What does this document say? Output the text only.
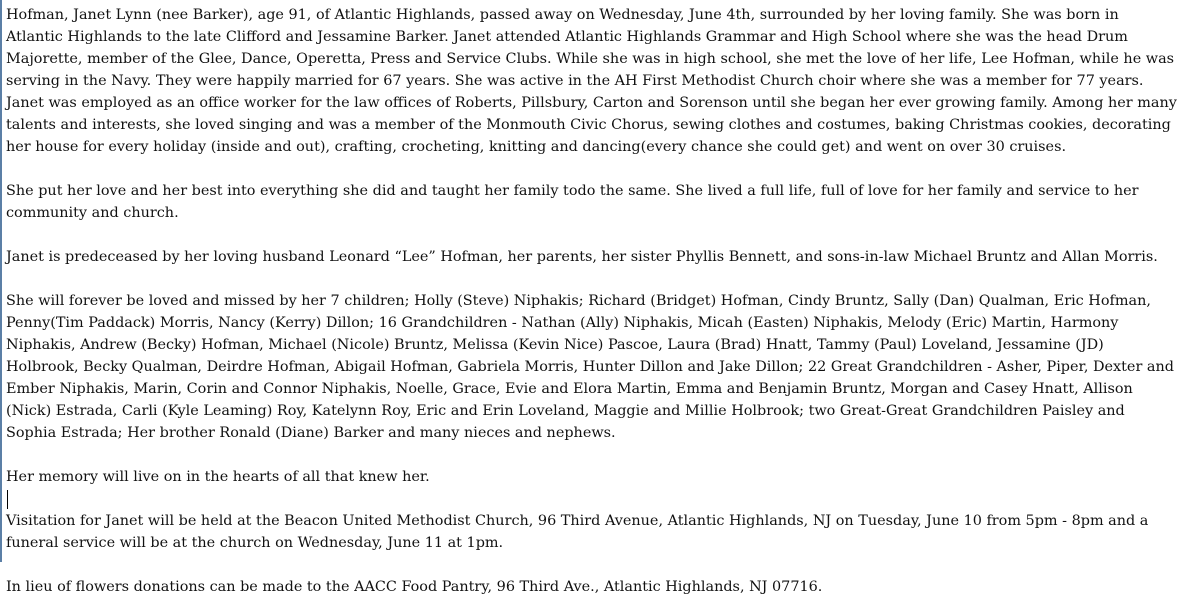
Hofman, Janet Lynn (nee Barker), age 91, of Atlantic Highlands, passed away on Wednesday, June 4th, surrounded by her loving family. She was born in Atlantic Highlands to the late Clifford and Jessamine Barker. Janet attended Atlantic Highlands Grammar and High School where she was the head Drum Majorette, member of the Glee, Dance, Operetta, Press and Service Clubs. While she was in high school, she met the love of her life, Lee Hofman, while he was serving in the Navy. They were happily married for 67 years. She was active in the AH First Methodist Church choir where she was a member for 77 years. Janet was employed as an office worker for the law offices of Roberts, Pillsbury, Carton and Sorenson until she began her ever growing family. Among her many talents and interests, she loved singing and was a member of the Monmouth Civic Chorus, sewing clothes and costumes, baking Christmas cookies, decorating her house for every holiday (inside and out), crafting, crocheting, knitting and dancing(every chance she could get) and went on over 30 cruises.

She put her love and her best into everything she did and taught her family todo the same. She lived a full life, full of love for her family and service to her community and church.

Janet is predeceased by her loving husband Leonard “Lee” Hofman, her parents, her sister Phyllis Bennett, and sons-in-law Michael Bruntz and Allan Morris.

She will forever be loved and missed by her 7 children; Holly (Steve) Niphakis; Richard (Bridget) Hofman, Cindy Bruntz, Sally (Dan) Qualman, Eric Hofman, Penny(Tim Paddack) Morris, Nancy (Kerry) Dillon; 16 Grandchildren - Nathan (Ally) Niphakis, Micah (Easten) Niphakis, Melody (Eric) Martin, Harmony Niphakis, Andrew (Becky) Hofman, Michael (Nicole) Bruntz, Melissa (Kevin Nice) Pascoe, Laura (Brad) Hnatt, Tammy (Paul) Loveland, Jessamine (JD) Holbrook, Becky Qualman, Deirdre Hofman, Abigail Hofman, Gabriela Morris, Hunter Dillon and Jake Dillon; 22 Great Grandchildren - Asher, Piper, Dexter and Ember Niphakis, Marin, Corin and Connor Niphakis, Noelle, Grace, Evie and Elora Martin, Emma and Benjamin Bruntz, Morgan and Casey Hnatt, Allison (Nick) Estrada, Carli (Kyle Leaming) Roy, Katelynn Roy, Eric and Erin Loveland, Maggie and Millie Holbrook; two Great-Great Grandchildren Paisley and Sophia Estrada; Her brother Ronald (Diane) Barker and many nieces and nephews.

Her memory will live on in the hearts of all that knew her.

Visitation for Janet will be held at the Beacon United Methodist Church, 96 Third Avenue, Atlantic Highlands, NJ on Tuesday, June 10 from 5pm - 8pm and a funeral service will be at the church on Wednesday, June 11 at 1pm.

In lieu of flowers donations can be made to the AACC Food Pantry, 96 Third Ave., Atlantic Highlands, NJ 07716.
